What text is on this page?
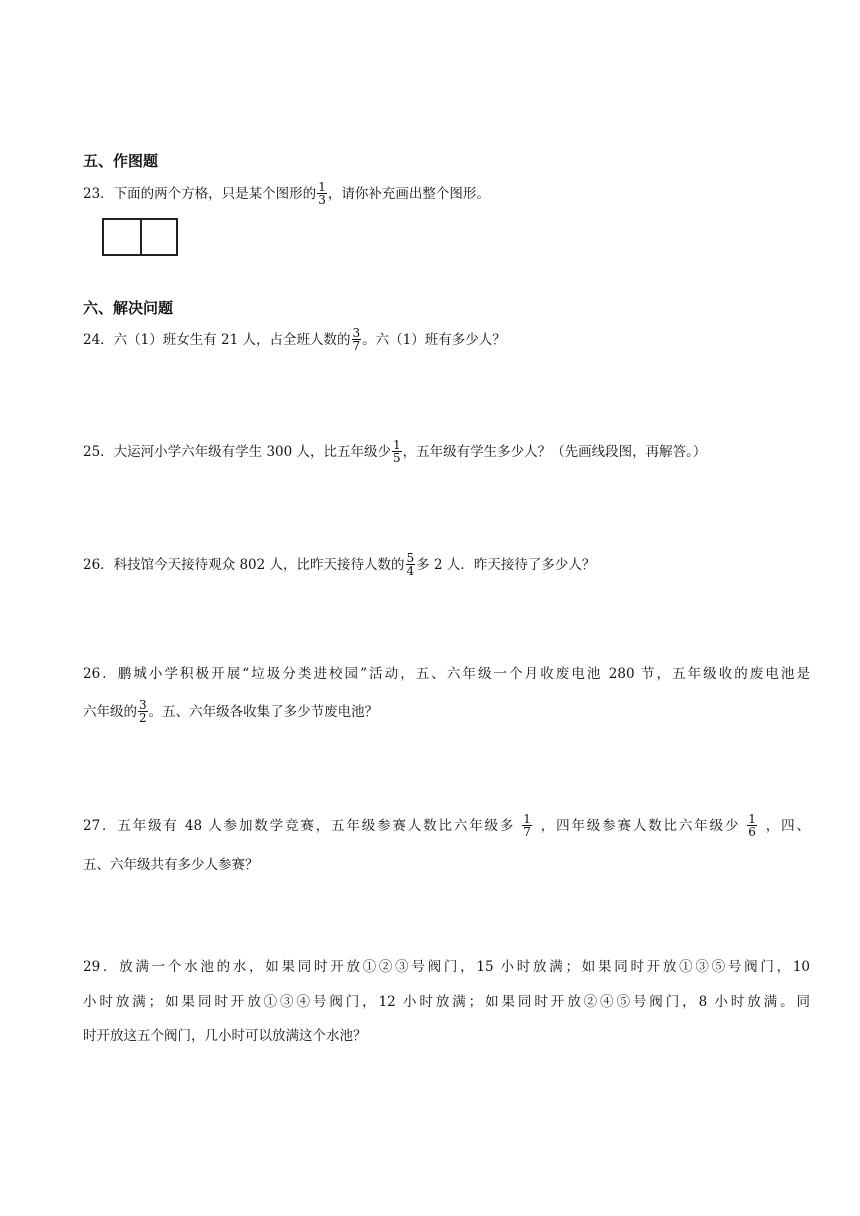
五、作图题
23．下面的两个方格，只是某个图形的 $\frac{1}{3}$ ，请你补充画出整个图形。
六、解决问题
24．六（1）班女生有 21 人，占全班人数的 $\frac{3}{7}$ 。六（1）班有多少人？
25．大运河小学六年级有学生 300 人，比五年级少 $\frac{1}{5}$ ，五年级有学生多少人？（先画线段图，再解答。）
26．科技馆今天接待观众 802 人，比昨天接待人数的 $\frac{5}{4}$ 多 2 人．昨天接待了多少人？
26．鹏城小学积极开展“垃圾分类进校园”活动，五、六年级一个月收废电池 280 节，五年级收的废电池是
六年级的 $\frac{3}{2}$ 。五、六年级各收集了多少节废电池？
27．五年级有 48 人参加数学竞赛，五年级参赛人数比六年级多 $\frac{1}{7}$ ，四年级参赛人数比六年级少 $\frac{1}{6}$ ，四、
五、六年级共有多少人参赛？
29．放满一个水池的水，如果同时开放①②③号阀门，15 小时放满；如果同时开放①③⑤号阀门，10
小时放满；如果同时开放①③④号阀门，12 小时放满；如果同时开放②④⑤号阀门，8 小时放满。同
时开放这五个阀门，几小时可以放满这个水池？
